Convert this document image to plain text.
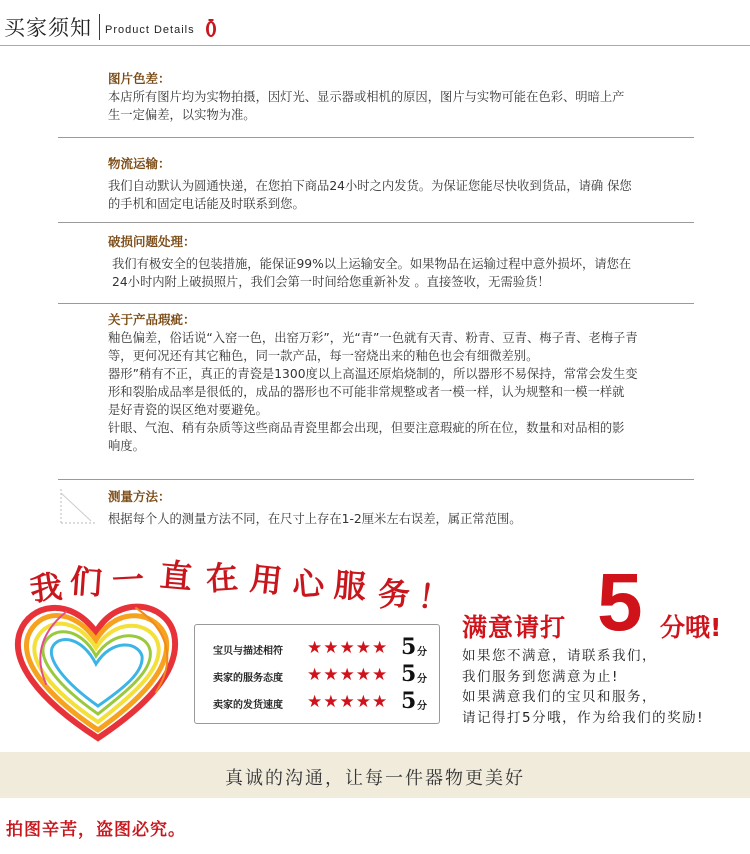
买家须知 Product Details
图片色差：

本店所有图片均为实物拍摄，因灯光、显示器或相机的原因，图片与实物可能在色彩、明暗上产

生一定偏差，以实物为准。

物流运输：

我们自动默认为圆通快递，在您拍下商品24小时之内发货。为保证您能尽快收到货品，请确 保您

的手机和固定电话能及时联系到您。

破损问题处理：

我们有极安全的包装措施，能保证99%以上运输安全。如果物品在运输过程中意外损坏，请您在

24小时内附上破损照片，我们会第一时间给您重新补发 。直接签收，无需验货！

关于产品瑕疵：

釉色偏差，俗话说“入窑一色，出窑万彩”，光“青”一色就有天青、粉青、豆青、梅子青、老梅子青

等，更何况还有其它釉色，同一款产品，每一窑烧出来的釉色也会有细微差别。

器形”稍有不正，真正的青瓷是1300度以上高温还原焰烧制的，所以器形不易保持，常常会发生变

形和裂胎成品率是很低的，成品的器形也不可能非常规整或者一模一样，认为规整和一模一样就

是好青瓷的误区绝对要避免。

针眼、气泡、稍有杂质等这些商品青瓷里都会出现，但要注意瑕疵的所在位，数量和对品相的影

响度。

测量方法：

根据每个人的测量方法不同，在尺寸上存在1-2厘米左右误差，属正常范围。

我 们 一 直 在 用 心 服 务 ！
宝贝与描述相符 ★★★★★ 5 分
卖家的服务态度 ★★★★★ 5 分
卖家的发货速度 ★★★★★ 5 分
满意请打 5 分哦!

如果您不满意，请联系我们，

我们服务到您满意为止!

如果满意我们的宝贝和服务，

请记得打5分哦，作为给我们的奖励!

真诚的沟通，让每一件器物更美好
拍图辛苦，盗图必究。
